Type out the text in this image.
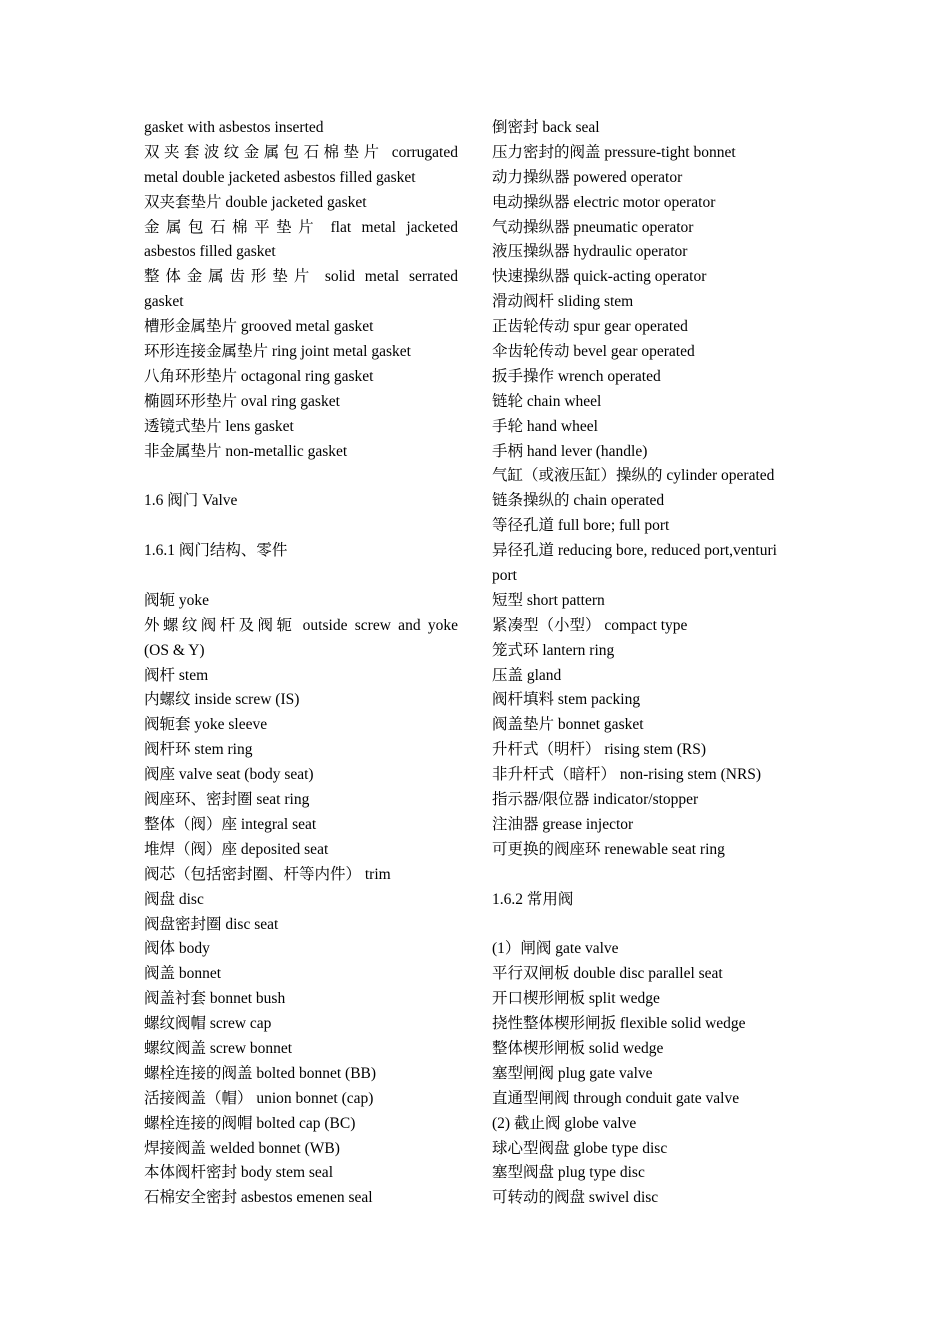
gasket with asbestos inserted
双夹套波纹金属包石棉垫片 corrugated
metal double jacketed asbestos filled gasket
双夹套垫片 double jacketed gasket
金属包石棉平垫片 flat metal jacketed
asbestos filled gasket
整体金属齿形垫片 solid metal serrated
gasket
槽形金属垫片 grooved metal gasket
环形连接金属垫片 ring joint metal gasket
八角环形垫片 octagonal ring gasket
椭圆环形垫片 oval ring gasket
透镜式垫片 lens gasket
非金属垫片 non-metallic gasket
1.6 阀门 Valve
1.6.1 阀门结构、零件
阀轭 yoke
外螺纹阀杆及阀轭 outside screw and yoke
(OS & Y)
阀杆 stem
内螺纹 inside screw (IS)
阀轭套 yoke sleeve
阀杆环 stem ring
阀座 valve seat (body seat)
阀座环、密封圈 seat ring
整体（阀）座 integral seat
堆焊（阀）座 deposited seat
阀芯（包括密封圈、杆等内件） trim
阀盘 disc
阀盘密封圈 disc seat
阀体 body
阀盖 bonnet
阀盖衬套 bonnet bush
螺纹阀帽 screw cap
螺纹阀盖 screw bonnet
螺栓连接的阀盖 bolted bonnet (BB)
活接阀盖（帽） union bonnet (cap)
螺栓连接的阀帽 bolted cap (BC)
焊接阀盖 welded bonnet (WB)
本体阀杆密封 body stem seal
石棉安全密封 asbestos emenen seal
倒密封 back seal
压力密封的阀盖 pressure-tight bonnet
动力操纵器 powered operator
电动操纵器 electric motor operator
气动操纵器 pneumatic operator
液压操纵器 hydraulic operator
快速操纵器 quick-acting operator
滑动阀杆 sliding stem
正齿轮传动 spur gear operated
伞齿轮传动 bevel gear operated
扳手操作 wrench operated
链轮 chain wheel
手轮 hand wheel
手柄 hand lever (handle)
气缸（或液压缸）操纵的 cylinder operated
链条操纵的 chain operated
等径孔道 full bore; full port
异径孔道 reducing bore, reduced port,venturi
port
短型 short pattern
紧凑型（小型） compact type
笼式环 lantern ring
压盖 gland
阀杆填料 stem packing
阀盖垫片 bonnet gasket
升杆式（明杆） rising stem (RS)
非升杆式（暗杆） non-rising stem (NRS)
指示器/限位器 indicator/stopper
注油器 grease injector
可更换的阀座环 renewable seat ring
1.6.2 常用阀
(1）闸阀 gate valve
平行双闸板 double disc parallel seat
开口楔形闸板 split wedge
挠性整体楔形闸扳 flexible solid wedge
整体楔形闸板 solid wedge
塞型闸阀 plug gate valve
直通型闸阀 through conduit gate valve
(2) 截止阀 globe valve
球心型阀盘 globe type disc
塞型阀盘 plug type disc
可转动的阀盘 swivel disc
